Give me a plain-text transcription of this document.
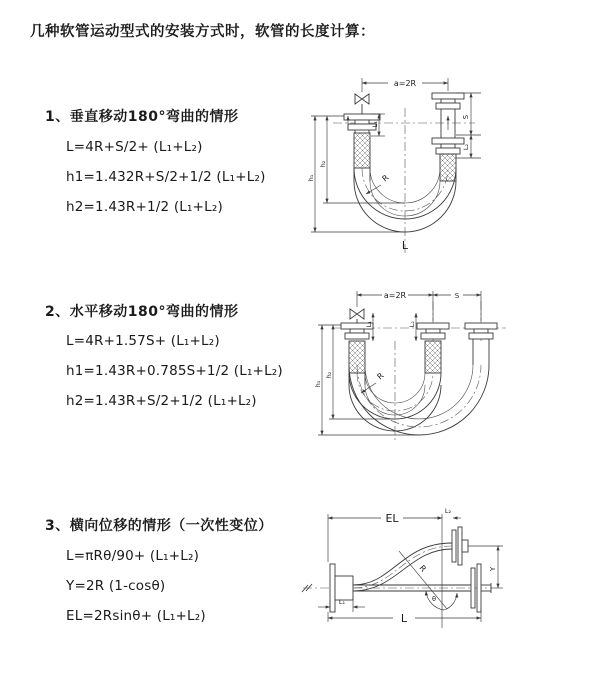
几种软管运动型式的安装方式时，软管的长度计算：
1、垂直移动180°弯曲的情形
L=4R+S/2+ (L₁+L₂)
h1=1.432R+S/2+1/2 (L₁+L₂)
h2=1.43R+1/2 (L₁+L₂)
a=2R
L₁
S
L₂
R
h₁
h₂
L
2、水平移动180°弯曲的情形
L=4R+1.57S+ (L₁+L₂)
h1=1.43R+0.785S+1/2 (L₁+L₂)
h2=1.43R+S/2+1/2 (L₁+L₂)
a=2R	S
L₁	L₂
R
h₁
h₂
3、横向位移的情形（一次性变位）
L=πRθ/90+ (L₁+L₂)
Y=2R (1-cosθ)
EL=2Rsinθ+ (L₁+L₂)
EL
L₂
R
θ
Y
L₁
L
